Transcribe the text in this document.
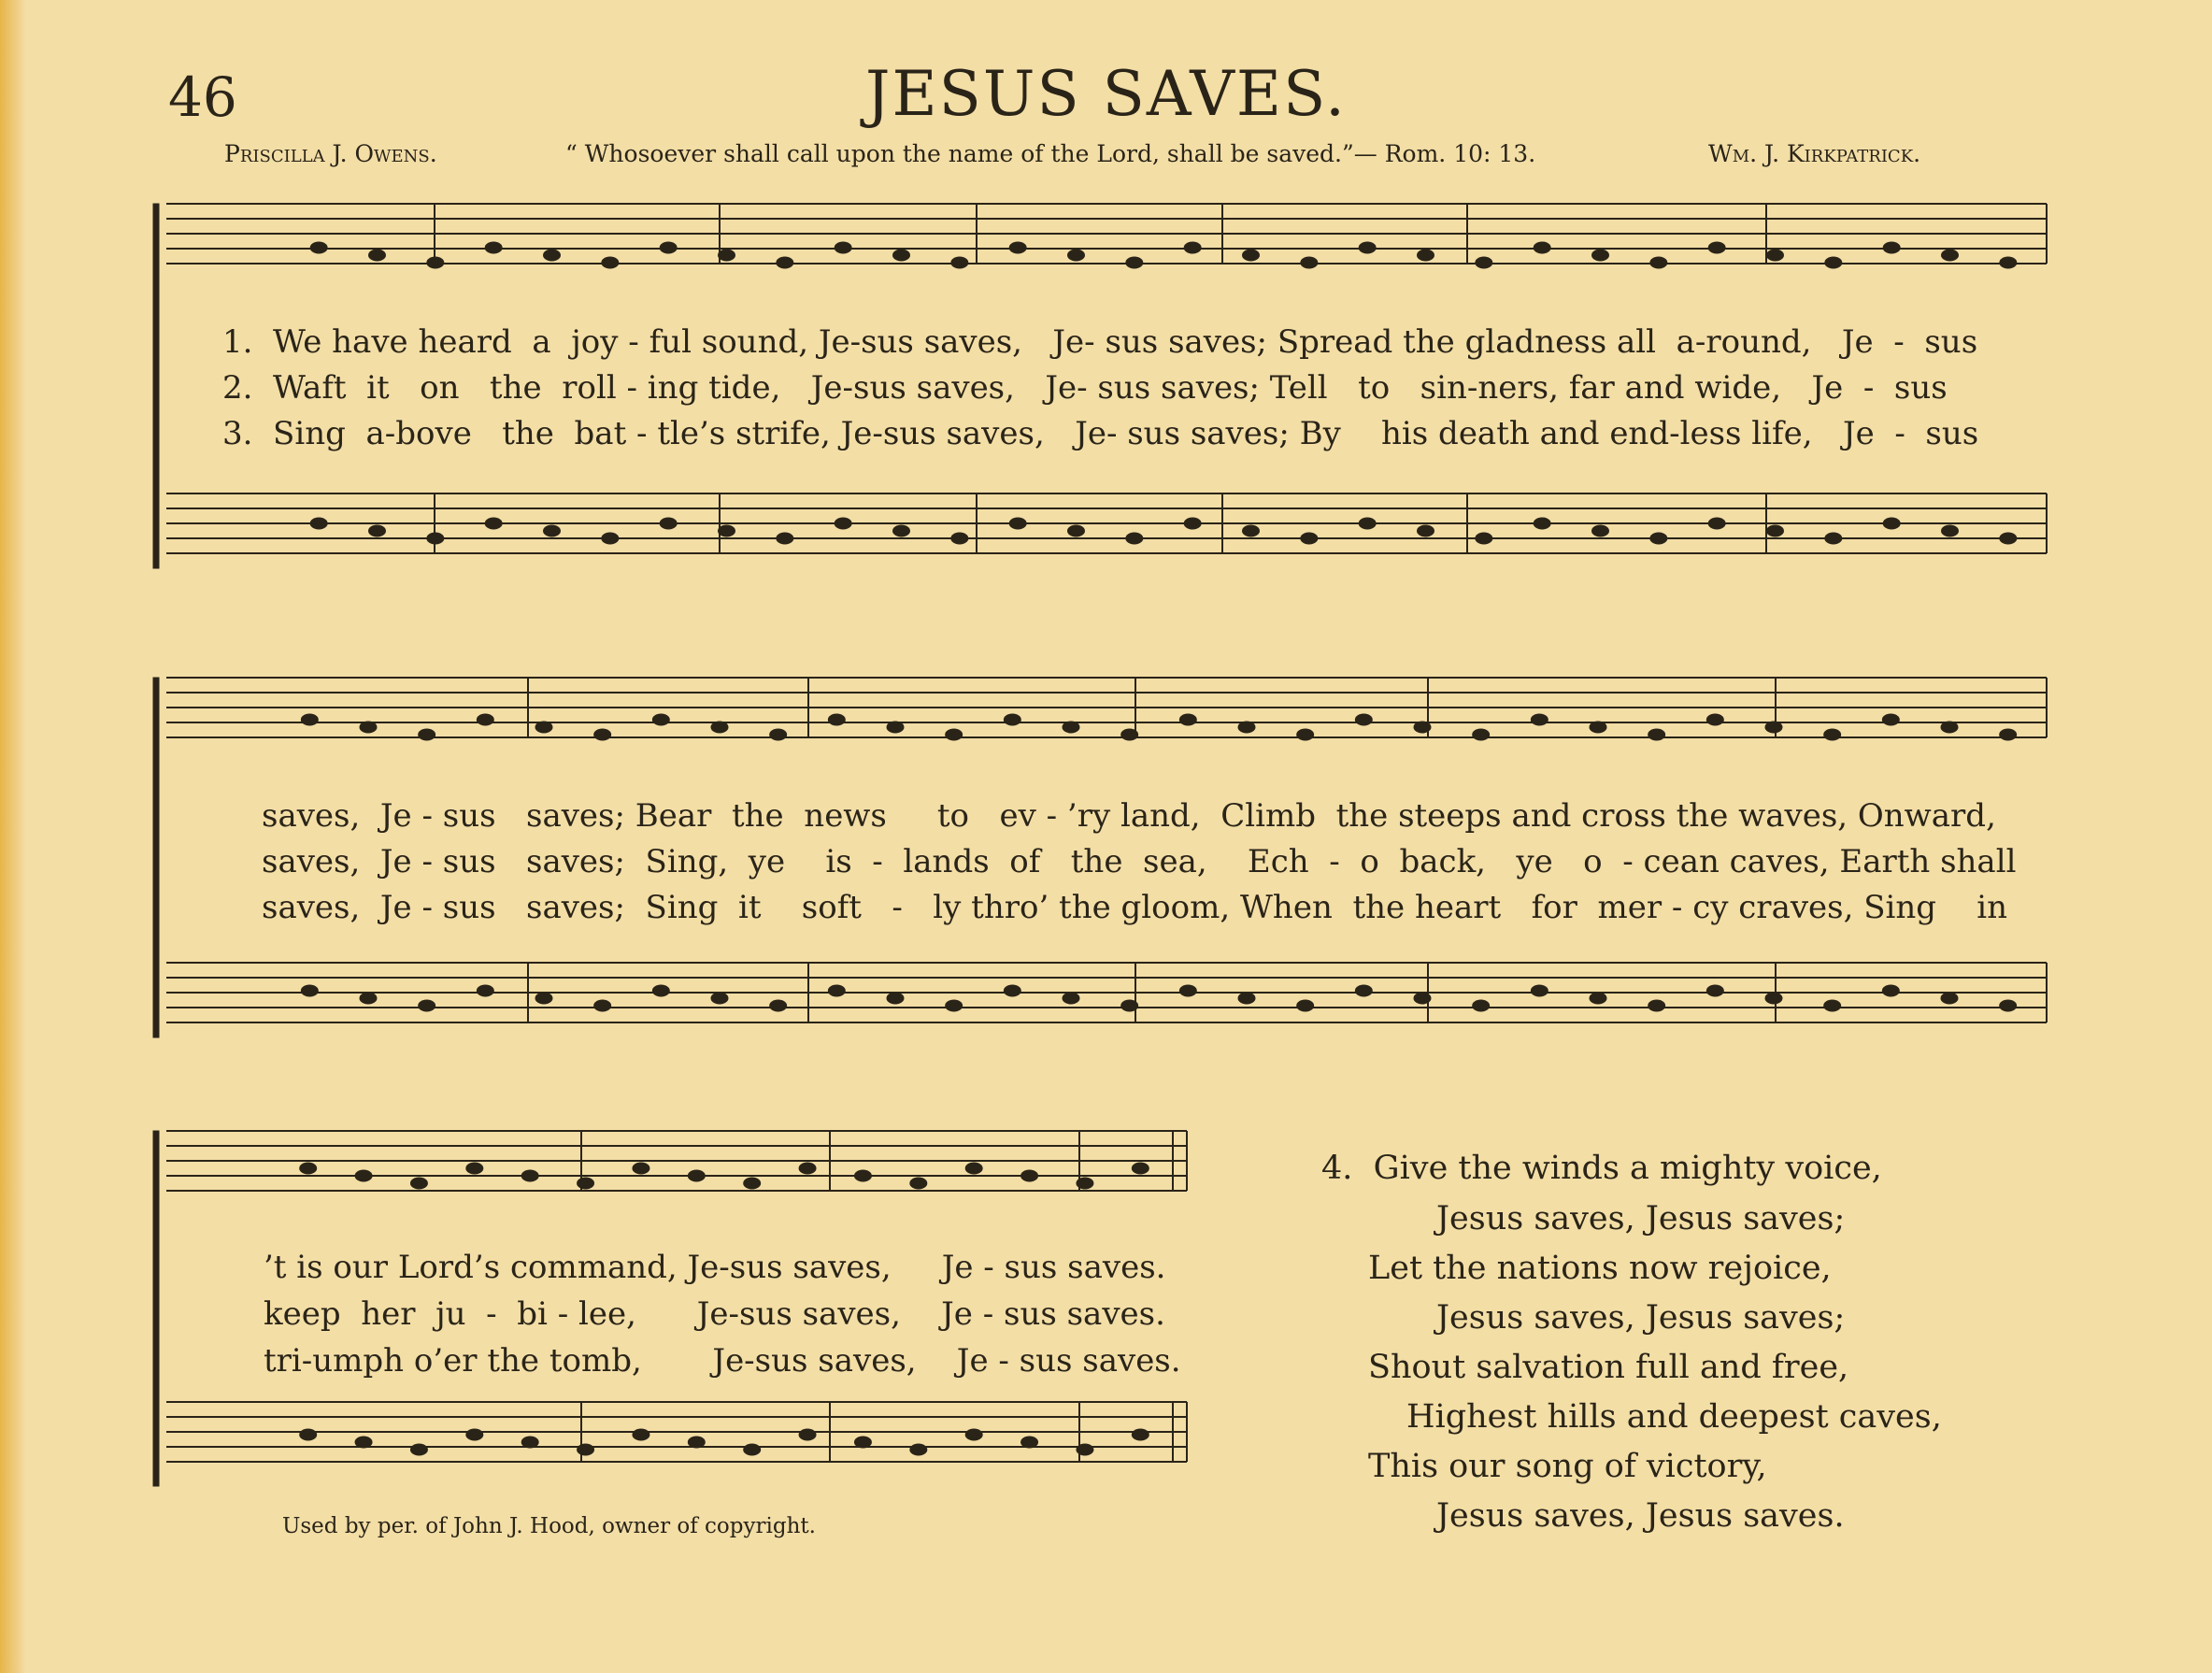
46	JESUS SAVES.
Priscilla J. Owens.	“ Whosoever shall call upon the name of the Lord, shall be saved.”— Rom. 10: 13.	Wm. J. Kirkpatrick.
1.  We have heard  a  joy - ful sound, Je-sus saves,   Je- sus saves; Spread the gladness all  a-round,   Je  -  sus
2.  Waft  it   on   the  roll - ing tide,   Je-sus saves,   Je- sus saves; Tell   to   sin-ners, far and wide,   Je  -  sus
3.  Sing  a-bove   the  bat - tle’s strife, Je-sus saves,   Je- sus saves; By    his death and end-less life,   Je  -  sus
saves,  Je - sus   saves; Bear  the  news     to   ev - ’ry land,  Climb  the steeps and cross the waves, Onward,
saves,  Je - sus   saves;  Sing,  ye    is  -  lands  of   the  sea,    Ech  -  o  back,   ye   o  - cean caves, Earth shall
saves,  Je - sus   saves;  Sing  it    soft   -   ly thro’ the gloom, When  the heart   for  mer - cy craves, Sing    in
’t is our Lord’s command, Je-sus saves,     Je - sus saves.
keep  her  ju  -  bi - lee,      Je-sus saves,    Je - sus saves.
tri-umph o’er the tomb,       Je-sus saves,    Je - sus saves.
4.  Give the winds a mighty voice,
Jesus saves, Jesus saves;
Let the nations now rejoice,
Jesus saves, Jesus saves;
Shout salvation full and free,
Highest hills and deepest caves,
This our song of victory,
Jesus saves, Jesus saves.
Used by per. of John J. Hood, owner of copyright.
